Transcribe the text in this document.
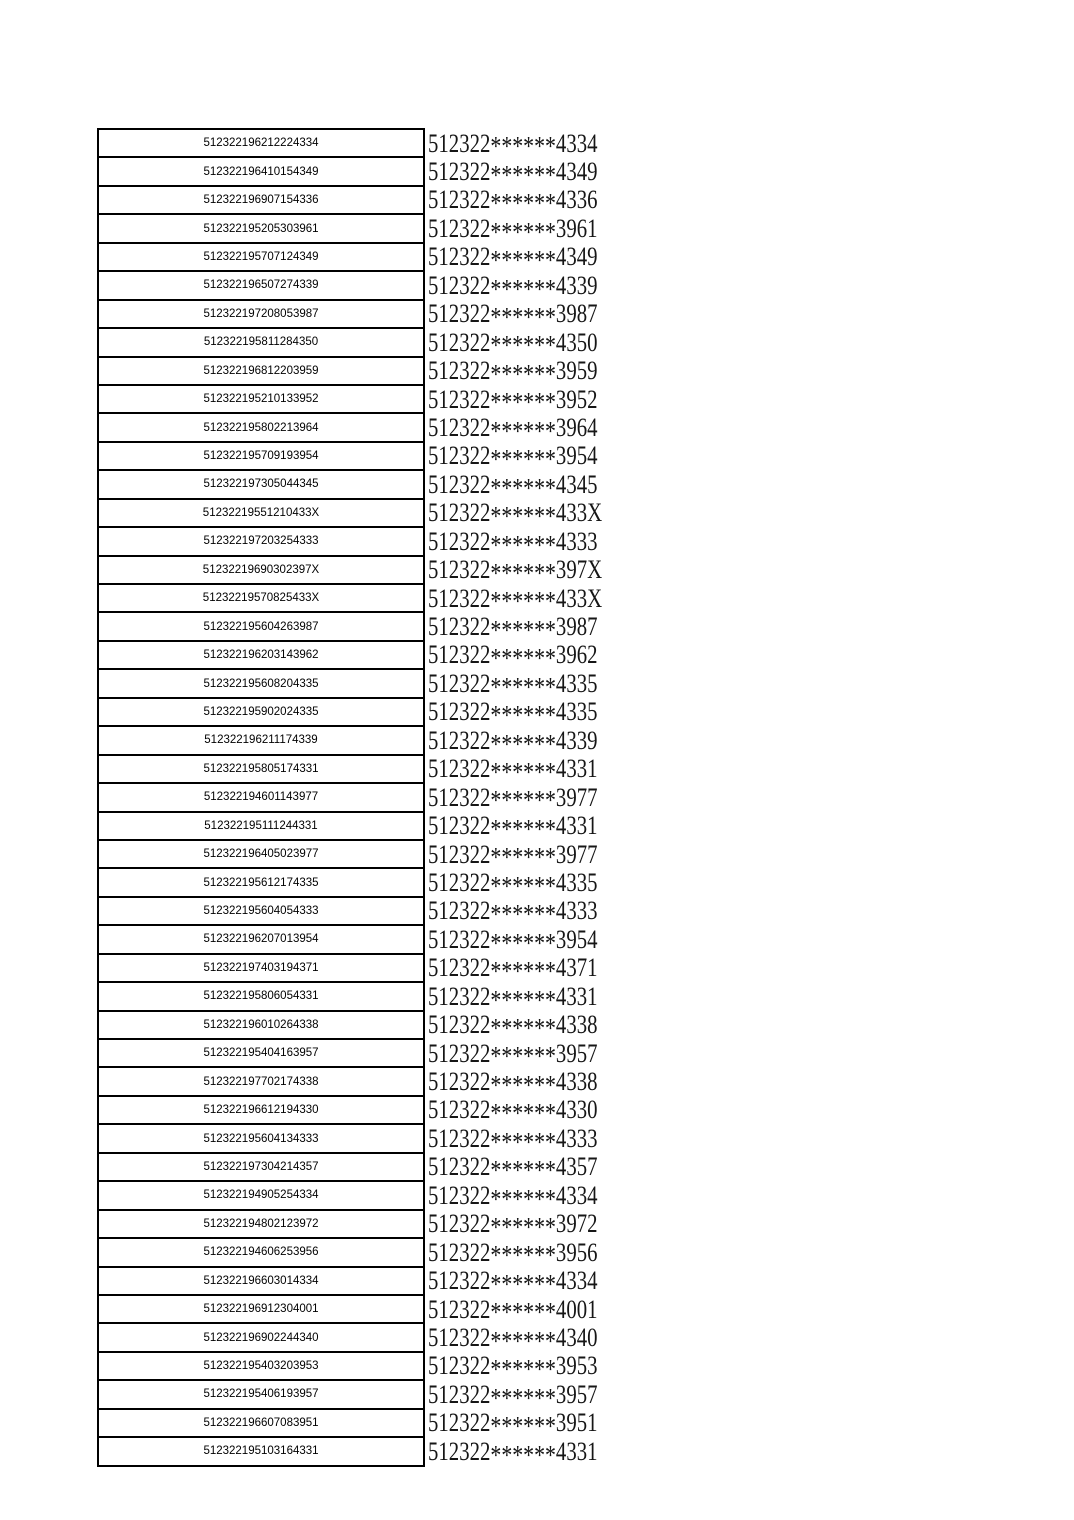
512322196212224334	512322******4334

512322196410154349	512322******4349

512322196907154336	512322******4336

512322195205303961	512322******3961

512322195707124349	512322******4349

512322196507274339	512322******4339

512322197208053987	512322******3987

512322195811284350	512322******4350

512322196812203959	512322******3959

512322195210133952	512322******3952

512322195802213964	512322******3964

512322195709193954	512322******3954

512322197305044345	512322******4345

51232219551210433X	512322******433X

512322197203254333	512322******4333

51232219690302397X	512322******397X

51232219570825433X	512322******433X

512322195604263987	512322******3987

512322196203143962	512322******3962

512322195608204335	512322******4335

512322195902024335	512322******4335

512322196211174339	512322******4339

512322195805174331	512322******4331

512322194601143977	512322******3977

512322195111244331	512322******4331

512322196405023977	512322******3977

512322195612174335	512322******4335

512322195604054333	512322******4333

512322196207013954	512322******3954

512322197403194371	512322******4371

512322195806054331	512322******4331

512322196010264338	512322******4338

512322195404163957	512322******3957

512322197702174338	512322******4338

512322196612194330	512322******4330

512322195604134333	512322******4333

512322197304214357	512322******4357

512322194905254334	512322******4334

512322194802123972	512322******3972

512322194606253956	512322******3956

512322196603014334	512322******4334

512322196912304001	512322******4001

512322196902244340	512322******4340

512322195403203953	512322******3953

512322195406193957	512322******3957

512322196607083951	512322******3951

512322195103164331	512322******4331
